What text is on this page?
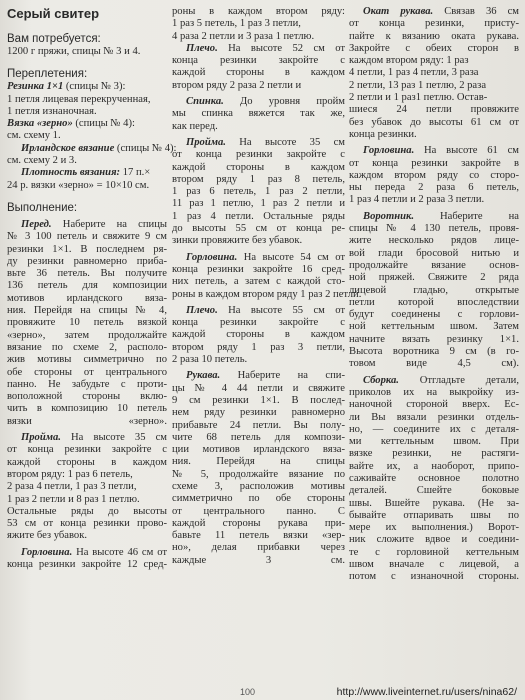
Серый свитер
Вам потребуется:
1200 г пряжи, спицы № 3 и 4.
Переплетения:
Резинка 1×1 (спицы № 3):
1 петля лицевая перекрученная,
1 петля изнаночная.
Вязка «зерно» (спицы № 4):
см. схему 1.
Ирландское вязание (спицы № 4):
см. схему 2 и 3.
Плотность вязания: 17 п.×
24 р. вязки «зерно» = 10×10 см.
Выполнение:
Перед. Наберите на спицы
№ 3 100 петель и свяжите 9 см
резинки 1×1. В последнем ря-
ду резинки равномерно приба-
вьте 36 петель. Вы получите
136 петель для композиции
мотивов ирландского вяза-
ния. Перейдя на спицы № 4,
провяжите 10 петель вязкой
«зерно», затем продолжайте
вязание по схеме 2, располо-
жив мотивы симметрично по
обе стороны от центрального
панно. Не забудьте с проти-
воположной стороны вклю-
чить в композицию 10 петель
вязки «зерно».
Пройма. На высоте 35 см
от конца резинки закройте с
каждой стороны в каждом
втором ряду: 1 раз 6 петель,
2 раза 4 петли, 1 раз 3 петли,
1 раз 2 петли и 8 раз 1 петлю.
Остальные ряды до высоты
53 см от конца резинки прово-
яжите без убавок.
Горловина. На высоте 46 см от
конца резинки закройте 12 сред-
роны в каждом втором ряду:
1 раз 5 петель, 1 раз 3 петли,
4 раза 2 петли и 3 раза 1 петлю.
Плечо. На высоте 52 см от
конца резинки закройте с
каждой стороны в каждом
втором ряду 2 раза 2 петли и
Спинка. До уровня пройм
мы спинка вяжется так же,
как перед.
Пройма. На высоте 35 см
от конца резинки закройте с
каждой стороны в каждом
втором ряду 1 раз 8 петель,
1 раз 6 петель, 1 раз 2 петли,
11 раз 1 петлю, 1 раз 2 петли и
1 раз 4 петли. Остальные ряды
до высоты 55 см от конца ре-
зинки провяжите без убавок.
Горловина. На высоте 54 см от
конца резинки закройте 16 сред-
них петель, а затем с каждой сто-
роны в каждом втором ряду 1 раз 2 петли.
Плечо. На высоте 55 см от
конца резинки закройте с
каждой стороны в каждом
втором ряду 1 раз 3 петли,
2 раза 10 петель.
Рукава. Наберите на спи-
цы № 4 44 петли и свяжите
9 см резинки 1×1. В послед-
нем ряду резинки равномерно
прибавьте 24 петли. Вы полу-
чите 68 петель для компози-
ции мотивов ирландского вяза-
ния. Перейдя на спицы
№ 5, продолжайте вязание по
схеме 3, расположив мотивы
симметрично по обе стороны
от центрального панно. С
каждой стороны рукава при-
бавьте 11 петель вязки «зер-
но», делая прибавки через
каждые 3 см.
Окат рукава. Связав 36 см
от конца резинки, присту-
пайте к вязанию оката рукава.
Закройте с обеих сторон в
каждом втором ряду: 1 раз
4 петли, 1 раз 4 петли, 3 раза
2 петли, 13 раз 1 петлю, 2 раза
2 петли и 1 раз1 петлю. Остав-
шиеся 24 петли провяжите
без убавок до высоты 61 см от
конца резинки.
Горловина. На высоте 61 см
от конца резинки закройте в
каждом втором ряду со сторо-
ны переда 2 раза 6 петель,
1 раз 4 петли и 2 раза 3 петли.
Воротник. Наберите на
спицы № 4 130 петель, провя-
жите несколько рядов лице-
вой глади бросовой нитью и
продолжайте вязание основ-
ной пряжей. Свяжите 2 ряда
лицевой гладью, открытые
петли которой впоследствии
будут соединены с горлови-
ной кеттельным швом. Затем
начните вязать резинку 1×1.
Высота воротника 9 см (в го-
товом виде 4,5 см).
Сборка. Отгладьте детали,
приколов их на выкройку из-
наночной стороной вверх. Ес-
ли Вы вязали резинки отдель-
но, — соедините их с деталя-
ми кеттельным швом. При
вязке резинки, не растяги-
вайте их, а наоборот, припо-
саживайте основное полотно
деталей. Сшейте боковые
швы. Вшейте рукава. (Не за-
бывайте отпаривать швы по
мере их выполнения.) Ворот-
ник сложите вдвое и соедини-
те с горловиной кеттельным
швом вначале с лицевой, а
потом с изнаночной стороны.
100	http://www.liveinternet.ru/users/nina62/
